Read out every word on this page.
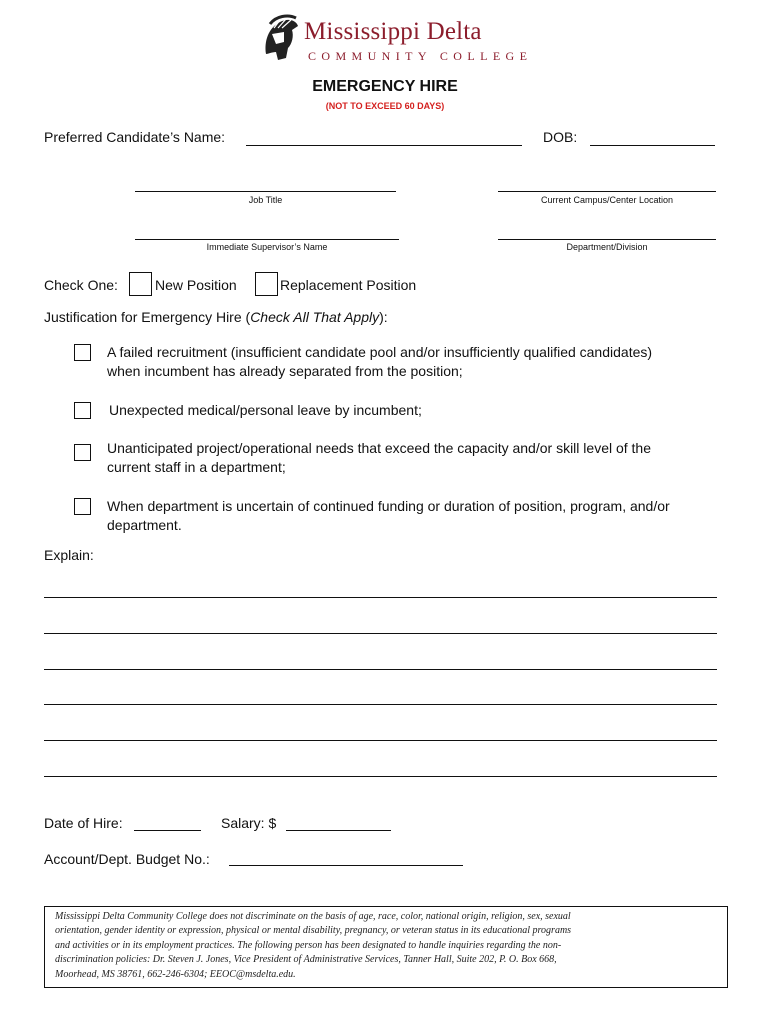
Mississippi Delta
COMMUNITY COLLEGE
EMERGENCY HIRE
(NOT TO EXCEED 60 DAYS)
Preferred Candidate’s Name:	DOB:
Job Title	Current Campus/Center Location
Immediate Supervisor’s Name	Department/Division
Check One:	New Position	Replacement Position
Justification for Emergency Hire (Check All That Apply):
A failed recruitment (insufficient candidate pool and/or insufficiently qualified candidates)
when incumbent has already separated from the position;
Unexpected medical/personal leave by incumbent;
Unanticipated project/operational needs that exceed the capacity and/or skill level of the
current staff in a department;
When department is uncertain of continued funding or duration of position, program, and/or
department.
Explain:
Date of Hire:	Salary: $
Account/Dept. Budget No.:
Mississippi Delta Community College does not discriminate on the basis of age, race, color, national origin, religion, sex, sexual
orientation, gender identity or expression, physical or mental disability, pregnancy, or veteran status in its educational programs
and activities or in its employment practices. The following person has been designated to handle inquiries regarding the non-
discrimination policies: Dr. Steven J. Jones, Vice President of Administrative Services, Tanner Hall, Suite 202, P. O. Box 668,
Moorhead, MS 38761, 662-246-6304; EEOC@msdelta.edu.
